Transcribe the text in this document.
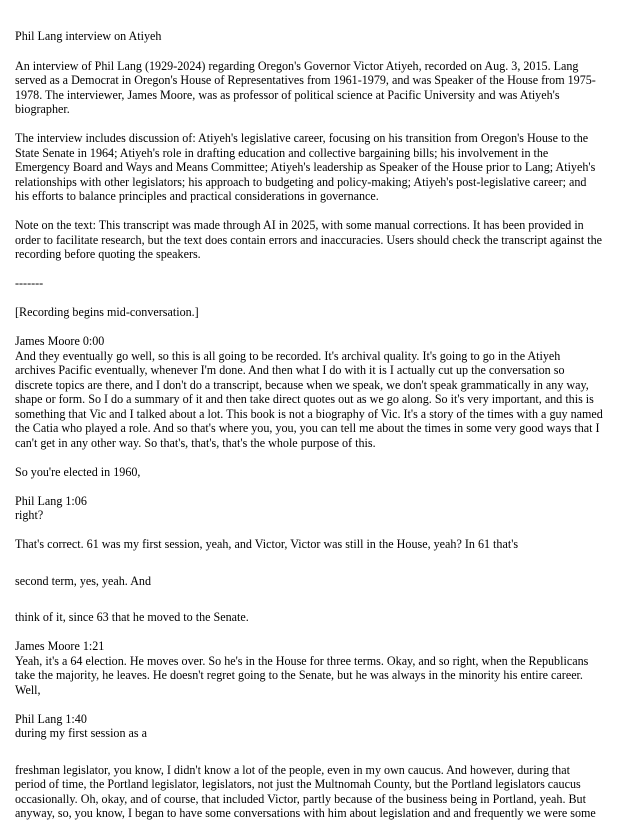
Phil Lang interview on Atiyeh

An interview of Phil Lang (1929-2024) regarding Oregon's Governor Victor Atiyeh, recorded on Aug. 3, 2015. Lang served as a Democrat in Oregon's House of Representatives from 1961-1979, and was Speaker of the House from 1975-1978. The interviewer, James Moore, was as professor of political science at Pacific University and was Atiyeh's biographer.

The interview includes discussion of: Atiyeh's legislative career, focusing on his transition from Oregon's House to the State Senate in 1964; Atiyeh's role in drafting education and collective bargaining bills; his involvement in the Emergency Board and Ways and Means Committee; Atiyeh's leadership as Speaker of the House prior to Lang; Atiyeh's relationships with other legislators; his approach to budgeting and policy-making; Atiyeh's post-legislative career; and his efforts to balance principles and practical considerations in governance.

Note on the text: This transcript was made through AI in 2025, with some manual corrections. It has been provided in order to facilitate research, but the text does contain errors and inaccuracies. Users should check the transcript against the recording before quoting the speakers.

-------

[Recording begins mid-conversation.]

James Moore 0:00

And they eventually go well, so this is all going to be recorded. It's archival quality. It's going to go in the Atiyeh archives Pacific eventually, whenever I'm done. And then what I do with it is I actually cut up the conversation so discrete topics are there, and I don't do a transcript, because when we speak, we don't speak grammatically in any way, shape or form. So I do a summary of it and then take direct quotes out as we go along. So it's very important, and this is something that Vic and I talked about a lot. This book is not a biography of Vic. It's a story of the times with a guy named the Catia who played a role. And so that's where you, you, you can tell me about the times in some very good ways that I can't get in any other way. So that's, that's, that's the whole purpose of this.

So you're elected in 1960,

Phil Lang 1:06

right?

That's correct. 61 was my first session, yeah, and Victor, Victor was still in the House, yeah? In 61 that's

second term, yes, yeah. And

think of it, since 63 that he moved to the Senate.

James Moore 1:21

Yeah, it's a 64 election. He moves over. So he's in the House for three terms. Okay, and so right, when the Republicans take the majority, he leaves. He doesn't regret going to the Senate, but he was always in the minority his entire career. Well,

Phil Lang 1:40

during my first session as a

freshman legislator, you know, I didn't know a lot of the people, even in my own caucus. And however, during that period of time, the Portland legislator, legislators, not just the Multnomah County, but the Portland legislators caucus occasionally. Oh, okay, and of course, that included Victor, partly because of the business being in Portland, yeah. But anyway, so, you know, I began to have some conversations with him about legislation and and frequently we were some
